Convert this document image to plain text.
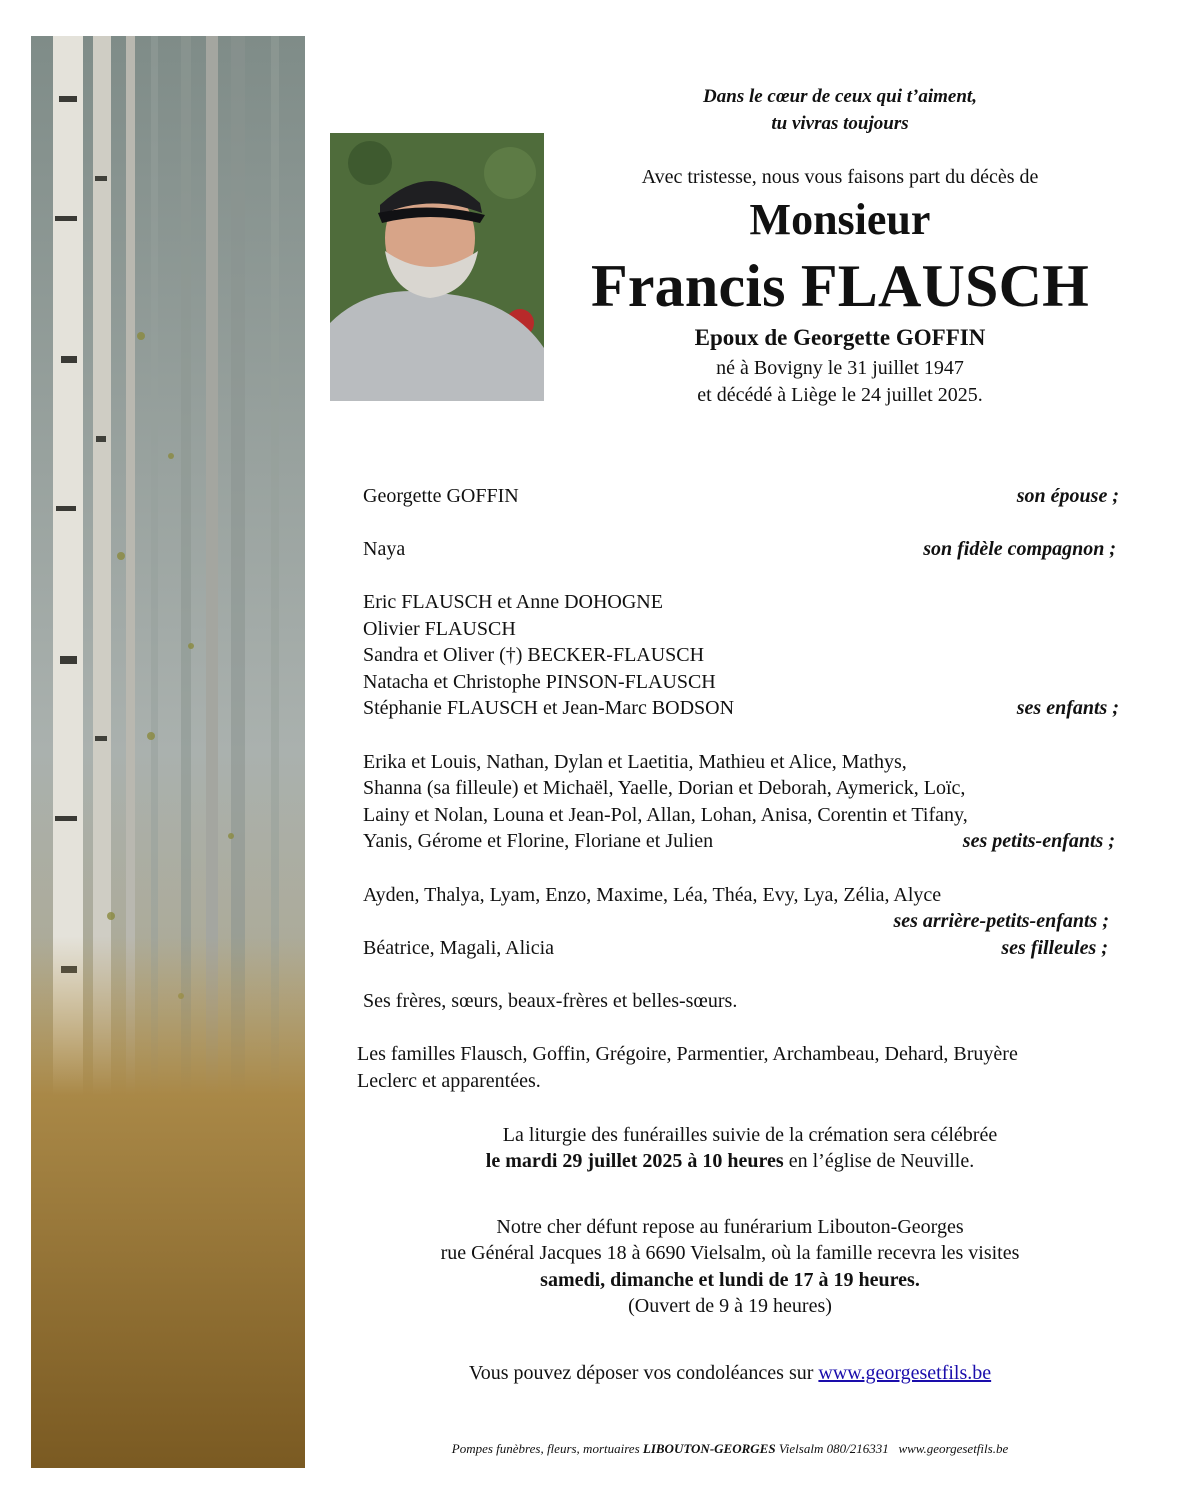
Dans le cœur de ceux qui t’aiment,
tu vivras toujours
Avec tristesse, nous vous faisons part du décès de
Monsieur
Francis FLAUSCH
Epoux de Georgette GOFFIN
né à Bovigny le 31 juillet 1947
et décédé à Liège le 24 juillet 2025.
Georgette GOFFIN	son épouse ;
Naya	son fidèle compagnon ;
Eric FLAUSCH et Anne DOHOGNE
Olivier FLAUSCH
Sandra et Oliver (†) BECKER-FLAUSCH
Natacha et Christophe PINSON-FLAUSCH
Stéphanie FLAUSCH et Jean-Marc BODSON	ses enfants ;
Erika et Louis, Nathan, Dylan et Laetitia, Mathieu et Alice, Mathys,
Shanna (sa filleule) et Michaël, Yaelle, Dorian et Deborah, Aymerick, Loïc,
Lainy et Nolan, Louna et Jean-Pol, Allan, Lohan, Anisa, Corentin et Tifany,
Yanis, Gérome et Florine, Floriane et Julien	ses petits-enfants ;
Ayden, Thalya, Lyam, Enzo, Maxime, Léa, Théa, Evy, Lya, Zélia, Alyce
ses arrière-petits-enfants ;
Béatrice, Magali, Alicia	ses filleules ;
Ses frères, sœurs, beaux-frères et belles-sœurs.
Les familles Flausch, Goffin, Grégoire, Parmentier, Archambeau, Dehard, Bruyère
Leclerc et apparentées.
La liturgie des funérailles suivie de la crémation sera célébrée
le mardi 29 juillet 2025 à 10 heures en l’église de Neuville.
Notre cher défunt repose au funérarium Libouton-Georges
rue Général Jacques 18 à 6690 Vielsalm, où la famille recevra les visites
samedi, dimanche et lundi de 17 à 19 heures.
(Ouvert de 9 à 19 heures)
Vous pouvez déposer vos condoléances sur www.georgesetfils.be
Pompes funèbres, fleurs, mortuaires LIBOUTON-GEORGES Vielsalm 080/216331   www.georgesetfils.be
